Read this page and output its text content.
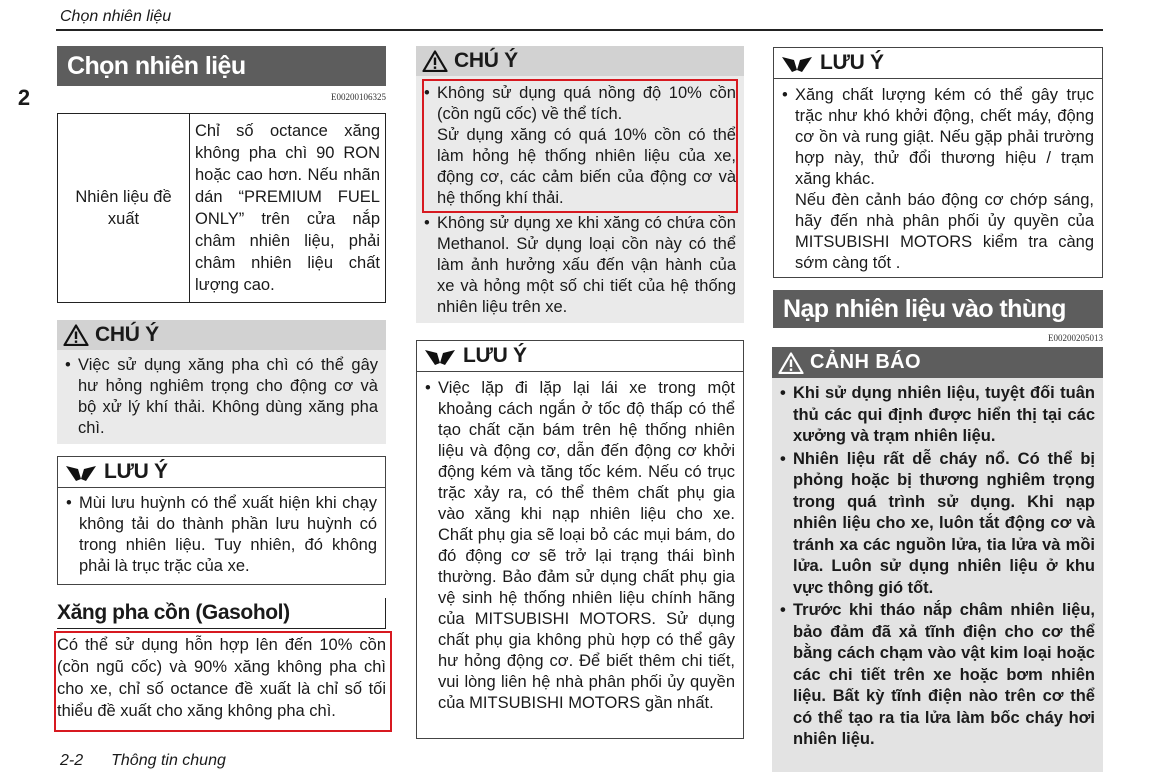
Chọn nhiên liệu
2
Chọn nhiên liệu
E00200106325
Nhiên liệu đề xuất
Chỉ số octance xăng không pha chì 90 RON hoặc cao hơn. Nếu nhãn dán “PREMIUM FUEL ONLY” trên cửa nắp châm nhiên liệu, phải châm nhiên liệu chất lượng cao.
CHÚ Ý
• Việc sử dụng xăng pha chì có thể gây hư hỏng nghiêm trọng cho động cơ và bộ xử lý khí thải. Không dùng xăng pha chì.
LƯU Ý
• Mùi lưu huỳnh có thể xuất hiện khi chạy không tải do thành phần lưu huỳnh có trong nhiên liệu. Tuy nhiên, đó không phải là trục trặc của xe.
Xăng pha cồn (Gasohol)
Có thể sử dụng hỗn hợp lên đến 10% cồn (cồn ngũ cốc) và 90% xăng không pha chì cho xe, chỉ số octance đề xuất là chỉ số tối thiểu đề xuất cho xăng không pha chì.
CHÚ Ý
• Không sử dụng quá nồng độ 10% cồn (cồn ngũ cốc) về thể tích.
Sử dụng xăng có quá 10% cồn có thể làm hỏng hệ thống nhiên liệu của xe, động cơ, các cảm biến của động cơ và hệ thống khí thải.
• Không sử dụng xe khi xăng có chứa cồn Methanol. Sử dụng loại cồn này có thể làm ảnh hưởng xấu đến vận hành của xe và hỏng một số chi tiết của hệ thống nhiên liệu trên xe.
LƯU Ý
• Việc lặp đi lặp lại lái xe trong một khoảng cách ngắn ở tốc độ thấp có thể tạo chất cặn bám trên hệ thống nhiên liệu và động cơ, dẫn đến động cơ khởi động kém và tăng tốc kém. Nếu có trục trặc xảy ra, có thể thêm chất phụ gia vào xăng khi nạp nhiên liệu cho xe. Chất phụ gia sẽ loại bỏ các mụi bám, do đó động cơ sẽ trở lại trạng thái bình thường. Bảo đảm sử dụng chất phụ gia vệ sinh hệ thống nhiên liệu chính hãng của MITSUBISHI MOTORS. Sử dụng chất phụ gia không phù hợp có thể gây hư hỏng động cơ. Để biết thêm chi tiết, vui lòng liên hệ nhà phân phối ủy quyền của MITSUBISHI MOTORS gần nhất.
LƯU Ý
• Xăng chất lượng kém có thể gây trục trặc như khó khởi động, chết máy, động cơ ồn và rung giật. Nếu gặp phải trường hợp này, thử đổi thương hiệu / trạm xăng khác.
Nếu đèn cảnh báo động cơ chớp sáng, hãy đến nhà phân phối ủy quyền của MITSUBISHI MOTORS kiểm tra càng sớm càng tốt .
Nạp nhiên liệu vào thùng
E00200205013
CẢNH BÁO
• Khi sử dụng nhiên liệu, tuyệt đối tuân thủ các qui định được hiển thị tại các xưởng và trạm nhiên liệu.
• Nhiên liệu rất dễ cháy nổ. Có thể bị phỏng hoặc bị thương nghiêm trọng trong quá trình sử dụng. Khi nạp nhiên liệu cho xe, luôn tắt động cơ và tránh xa các nguồn lửa, tia lửa và mồi lửa. Luôn sử dụng nhiên liệu ở khu vực thông gió tốt.
• Trước khi tháo nắp châm nhiên liệu, bảo đảm đã xả tĩnh điện cho cơ thể bằng cách chạm vào vật kim loại hoặc các chi tiết trên xe hoặc bơm nhiên liệu. Bất kỳ tĩnh điện nào trên cơ thể có thể tạo ra tia lửa làm bốc cháy hơi nhiên liệu.
2-2 Thông tin chung
